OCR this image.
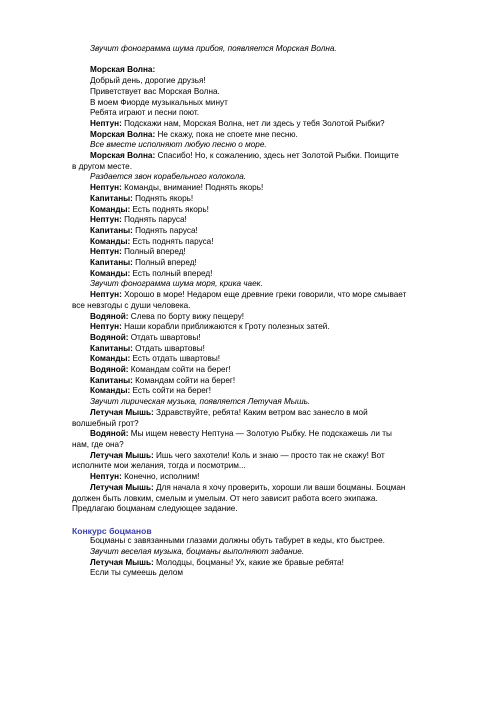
Звучит фонограмма шума прибоя, появляется Морская Волна.

Морская Волна:

Добрый день, дорогие друзья!

Приветствует вас Морская Волна.

В моем Фиорде музыкальных минут

Ребята играют и песни поют.

Нептун: Подскажи нам, Морская Волна, нет ли здесь у тебя Золотой Рыбки?

Морская Волна: Не скажу, пока не споете мне песню.

Все вместе исполняют любую песню о море.

Морская Волна: Спасибо! Но, к сожалению, здесь нет Золотой Рыбки. Поищите

в другом месте.

Раздается звон корабельного колокола.

Нептун: Команды, внимание! Поднять якорь!

Капитаны: Поднять якорь!

Команды: Есть поднять якорь!

Нептун: Поднять паруса!

Капитаны: Поднять паруса!

Команды: Есть поднять паруса!

Нептун: Полный вперед!

Капитаны: Полный вперед!

Команды: Есть полный вперед!

Звучит фонограмма шума моря, крика чаек.

Нептун: Хорошо в море! Недаром еще древние греки говорили, что море смывает

все невзгоды с души человека.

Водяной: Слева по борту вижу пещеру!

Нептун: Наши корабли приближаются к Гроту полезных затей.

Водяной: Отдать швартовы!

Капитаны: Отдать швартовы!

Команды: Есть отдать швартовы!

Водяной: Командам сойти на берег!

Капитаны: Командам сойти на берег!

Команды: Есть сойти на берег!

Звучит лирическая музыка, появляется Летучая Мышь.

Летучая Мышь: Здравствуйте, ребята! Каким ветром вас занесло в мой

волшебный грот?

Водяной: Мы ищем невесту Нептуна — Золотую Рыбку. Не подскажешь ли ты

нам, где она?

Летучая Мышь: Ишь чего захотели! Коль и знаю — просто так не скажу! Вот

исполните мои желания, тогда и посмотрим...

Нептун: Конечно, исполним!

Летучая Мышь: Для начала я хочу проверить, хороши ли ваши боцманы. Боцман

должен быть ловким, смелым и умелым. От него зависит работа всего экипажа.

Предлагаю боцманам следующее задание.

Конкурс боцманов

Боцманы с завязанными глазами должны обуть табурет в кеды, кто быстрее.

Звучит веселая музыка, боцманы выполняют задание.

Летучая Мышь: Молодцы, боцманы! Ух, какие же бравые ребята!

Если ты сумеешь делом
